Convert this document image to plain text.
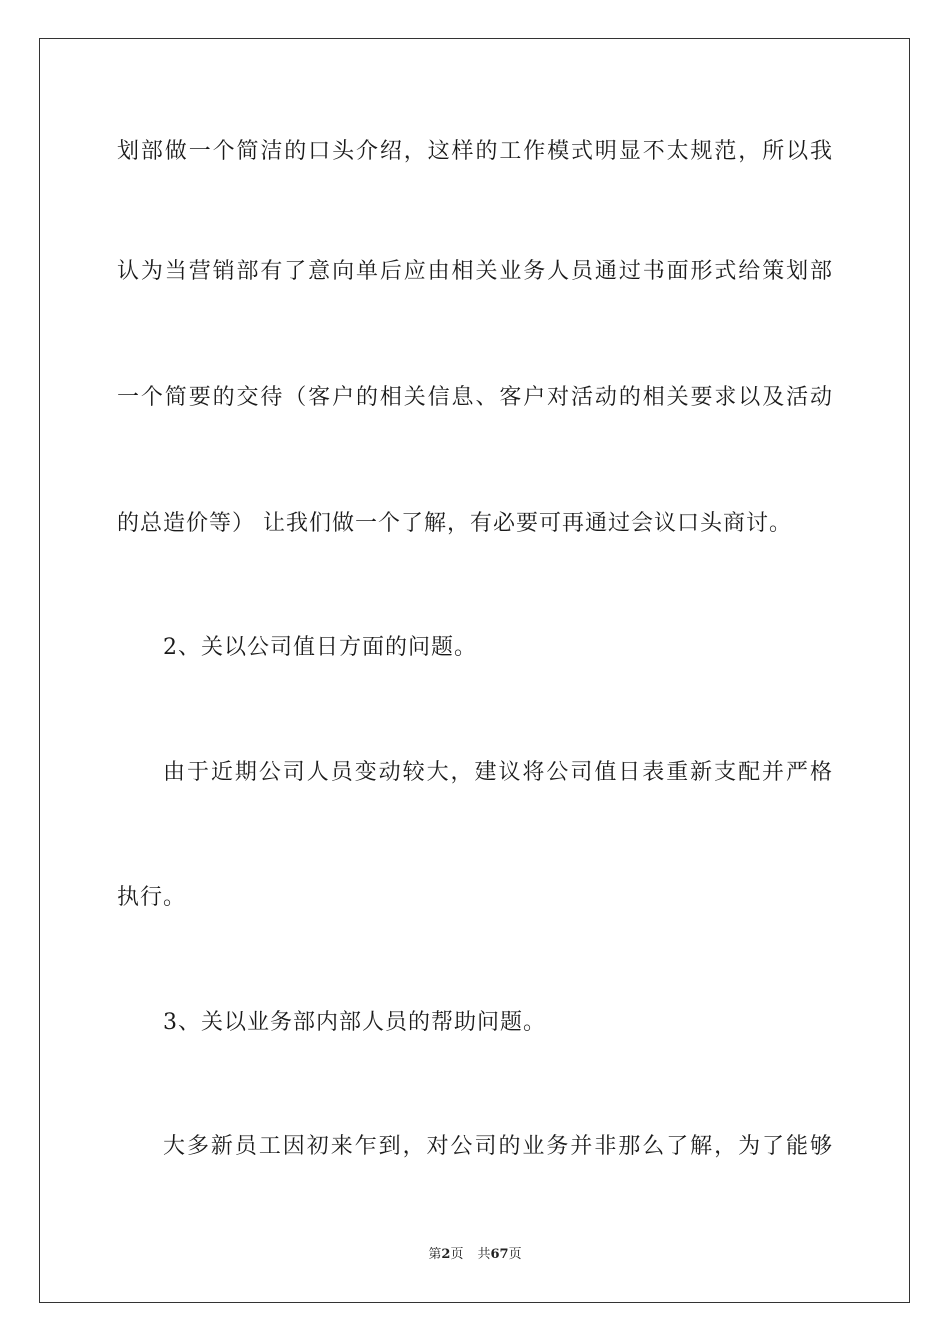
划部做一个简洁的口头介绍，这样的工作模式明显不太规范，所以我
认为当营销部有了意向单后应由相关业务人员通过书面形式给策划部
一个简要的交待（客户的相关信息、客户对活动的相关要求以及活动
的总造价等） 让我们做一个了解，有必要可再通过会议口头商讨。
2、关以公司值日方面的问题。
由于近期公司人员变动较大，建议将公司值日表重新支配并严格
执行。
3、关以业务部内部人员的帮助问题。
大多新员工因初来乍到，对公司的业务并非那么了解，为了能够
第2页 共67页
